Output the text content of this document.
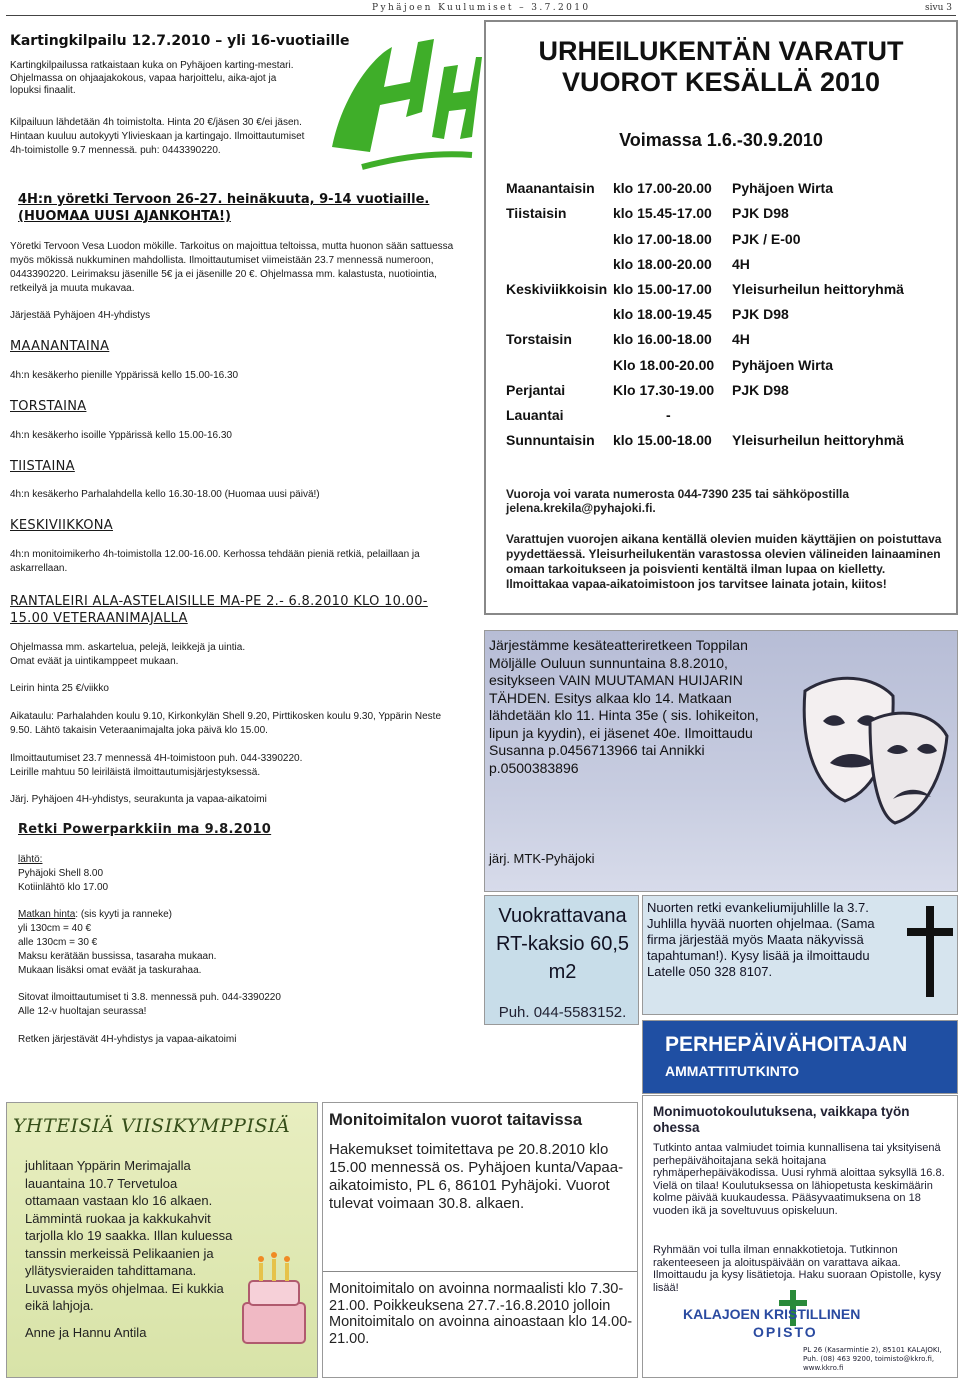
Pyhäjoen Kuulumiset – 3.7.2010	sivu 3
Kartingkilpailu 12.7.2010 – yli 16-vuotiaille
Kartingkilpailussa ratkaistaan kuka on Pyhäjoen karting-mestari. Ohjelmassa on ohjaajakokous, vapaa harjoittelu, aika-ajot ja lopuksi finaalit.
Kilpailuun lähdetään 4h toimistolta. Hinta 20 €/jäsen 30 €/ei jäsen. Hintaan kuuluu autokyyti Ylivieskaan ja kartingajo. Ilmoittautumiset 4h-toimistolle 9.7 mennessä. puh: 0443390220.
4H:n yöretki Tervoon 26-27. heinäkuuta, 9-14 vuotiaille.
(HUOMAA UUSI AJANKOHTA!)
Yöretki Tervoon Vesa Luodon mökille. Tarkoitus on majoittua teltoissa, mutta huonon sään sattuessa myös mökissä nukkuminen mahdollista. Ilmoittautumiset viimeistään 23.7 mennessä numeroon, 0443390220. Leirimaksu jäsenille 5€ ja ei jäsenille 20 €. Ohjelmassa mm. kalastusta, nuotiointia, retkeilyä ja muuta mukavaa.
Järjestää Pyhäjoen 4H-yhdistys
MAANANTAINA
4h:n kesäkerho pienille Yppärissä kello 15.00-16.30
TORSTAINA
4h:n kesäkerho isoille Yppärissä kello 15.00-16.30
TIISTAINA
4h:n kesäkerho Parhalahdella kello 16.30-18.00 (Huomaa uusi päivä!)
KESKIVIIKKONA
4h:n monitoimikerho 4h-toimistolla 12.00-16.00. Kerhossa tehdään pieniä retkiä, pelaillaan ja askarrellaan.
RANTALEIRI ALA-ASTELAISILLE MA-PE 2.- 6.8.2010 KLO 10.00-15.00 VETERAANIMAJALLA
Ohjelmassa mm. askartelua, pelejä, leikkejä ja uintia.
Omat eväät ja uintikamppeet mukaan.
Leirin hinta 25 €/viikko
Aikataulu: Parhalahden koulu 9.10, Kirkonkylän Shell 9.20, Pirttikosken koulu 9.30, Yppärin Neste 9.50. Lähtö takaisin Veteraanimajalta joka päivä klo 15.00.
Ilmoittautumiset 23.7 mennessä 4H-toimistoon puh. 044-3390220.
Leirille mahtuu 50 leiriläistä ilmoittautumisjärjestyksessä.
Järj. Pyhäjoen 4H-yhdistys, seurakunta ja vapaa-aikatoimi
Retki Powerparkkiin ma 9.8.2010
lähtö:
Pyhäjoki Shell 8.00
Kotiinlähtö klo 17.00
Matkan hinta: (sis kyyti ja ranneke)
yli 130cm = 40 €
alle 130cm = 30 €
Maksu kerätään bussissa, tasaraha mukaan.
Mukaan lisäksi omat eväät ja taskurahaa.
Sitovat ilmoittautumiset ti 3.8. mennessä puh. 044-3390220
Alle 12-v huoltajan seurassa!
Retken järjestävät 4H-yhdistys ja vapaa-aikatoimi
URHEILUKENTÄN VARATUT
VUOROT KESÄLLÄ 2010
Voimassa 1.6.-30.9.2010
Maanantaisin klo 17.00-20.00 Pyhäjoen Wirta
Tiistaisin	klo 15.45-17.00 PJK D98
klo 17.00-18.00 PJK / E-00
klo 18.00-20.00 4H
Keskiviikkoisin klo 15.00-17.00 Yleisurheilun heittoryhmä
klo 18.00-19.45 PJK D98
Torstaisin	klo 16.00-18.00 4H
Klo 18.00-20.00 Pyhäjoen Wirta
Perjantai	Klo 17.30-19.00 PJK D98
Lauantai	-
Sunnuntaisin klo 15.00-18.00 Yleisurheilun heittoryhmä
Vuoroja voi varata numerosta 044-7390 235 tai sähköpostilla jelena.krekila@pyhajoki.fi.
Varattujen vuorojen aikana kentällä olevien muiden käyttäjien on poistuttava pyydettäessä. Yleisurheilukentän varastossa olevien välineiden lainaaminen omaan tarkoitukseen ja poisvienti kentältä ilman lupaa on kielletty. Ilmoittakaa vapaa-aikatoimistoon jos tarvitsee lainata jotain, kiitos!
Järjestämme kesäteatteriretkeen Toppilan Möljälle Ouluun sunnuntaina 8.8.2010, esitykseen VAIN MUUTAMAN HUIJARIN TÄHDEN. Esitys alkaa klo 14. Matkaan lähdetään klo 11. Hinta 35e ( sis. lohikeiton, lipun ja kyydin), ei jäsenet 40e. Ilmoittaudu Susanna p.0456713966 tai Annikki p.0500383896
järj. MTK-Pyhäjoki
Vuokrattavana RT-kaksio 60,5 m2
Puh. 044-5583152.
Nuorten retki evankeliumijuhlille la 3.7. Juhlilla hyvää nuorten ohjelmaa. (Sama firma järjestää myös Maata näkyvissä tapahtuman!). Kysy lisää ja ilmoittaudu Latelle 050 328 8107.
PERHEPÄIVÄHOITAJAN
AMMATTITUTKINTO
Monimuotokoulutuksena, vaikkapa työn ohessa
Tutkinto antaa valmiudet toimia kunnallisena tai yksityisenä perhepäivähoitajana sekä hoitajana ryhmäperhepäiväkodissa. Uusi ryhmä aloittaa syksyllä 16.8. Vielä on tilaa! Koulutuksessa on lähiopetusta keskimäärin kolme päivää kuukaudessa. Pääsyvaatimuksena on 18 vuoden ikä ja soveltuvuus opiskeluun.
Ryhmään voi tulla ilman ennakkotietoja. Tutkinnon rakenteeseen ja aloituspäivään on varattava aikaa. Ilmoittaudu ja kysy lisätietoja. Haku suoraan Opistolle, kysy lisää!
KALAJOEN KRISTILLINEN
OPISTO
PL 26 (Kasarmintie 2), 85101 KALAJOKI, Puh. (08) 463 9200, toimisto@kkro.fi, www.kkro.fi
YHTEISIÄ VIISIKYMPPISIÄ
juhlitaan Yppärin Merimajalla lauantaina 10.7 Tervetuloa ottamaan vastaan klo 16 alkaen. Lämmintä ruokaa ja kakkukahvit tarjolla klo 19 saakka. Illan kuluessa tanssin merkeissä Pelikaanien ja yllätysvieraiden tahdittamana. Luvassa myös ohjelmaa. Ei kukkia eikä lahjoja.
Anne ja Hannu Antila
Monitoimitalon vuorot taitavissa
Hakemukset toimitettava pe 20.8.2010 klo 15.00 mennessä os. Pyhäjoen kunta/Vapaa-aikatoimisto, PL 6, 86101 Pyhäjoki. Vuorot tulevat voimaan 30.8. alkaen.
Monitoimitalo on avoinna normaalisti klo 7.30-21.00. Poikkeuksena 27.7.-16.8.2010 jolloin Monitoimitalo on avoinna ainoastaan klo 14.00-21.00.
